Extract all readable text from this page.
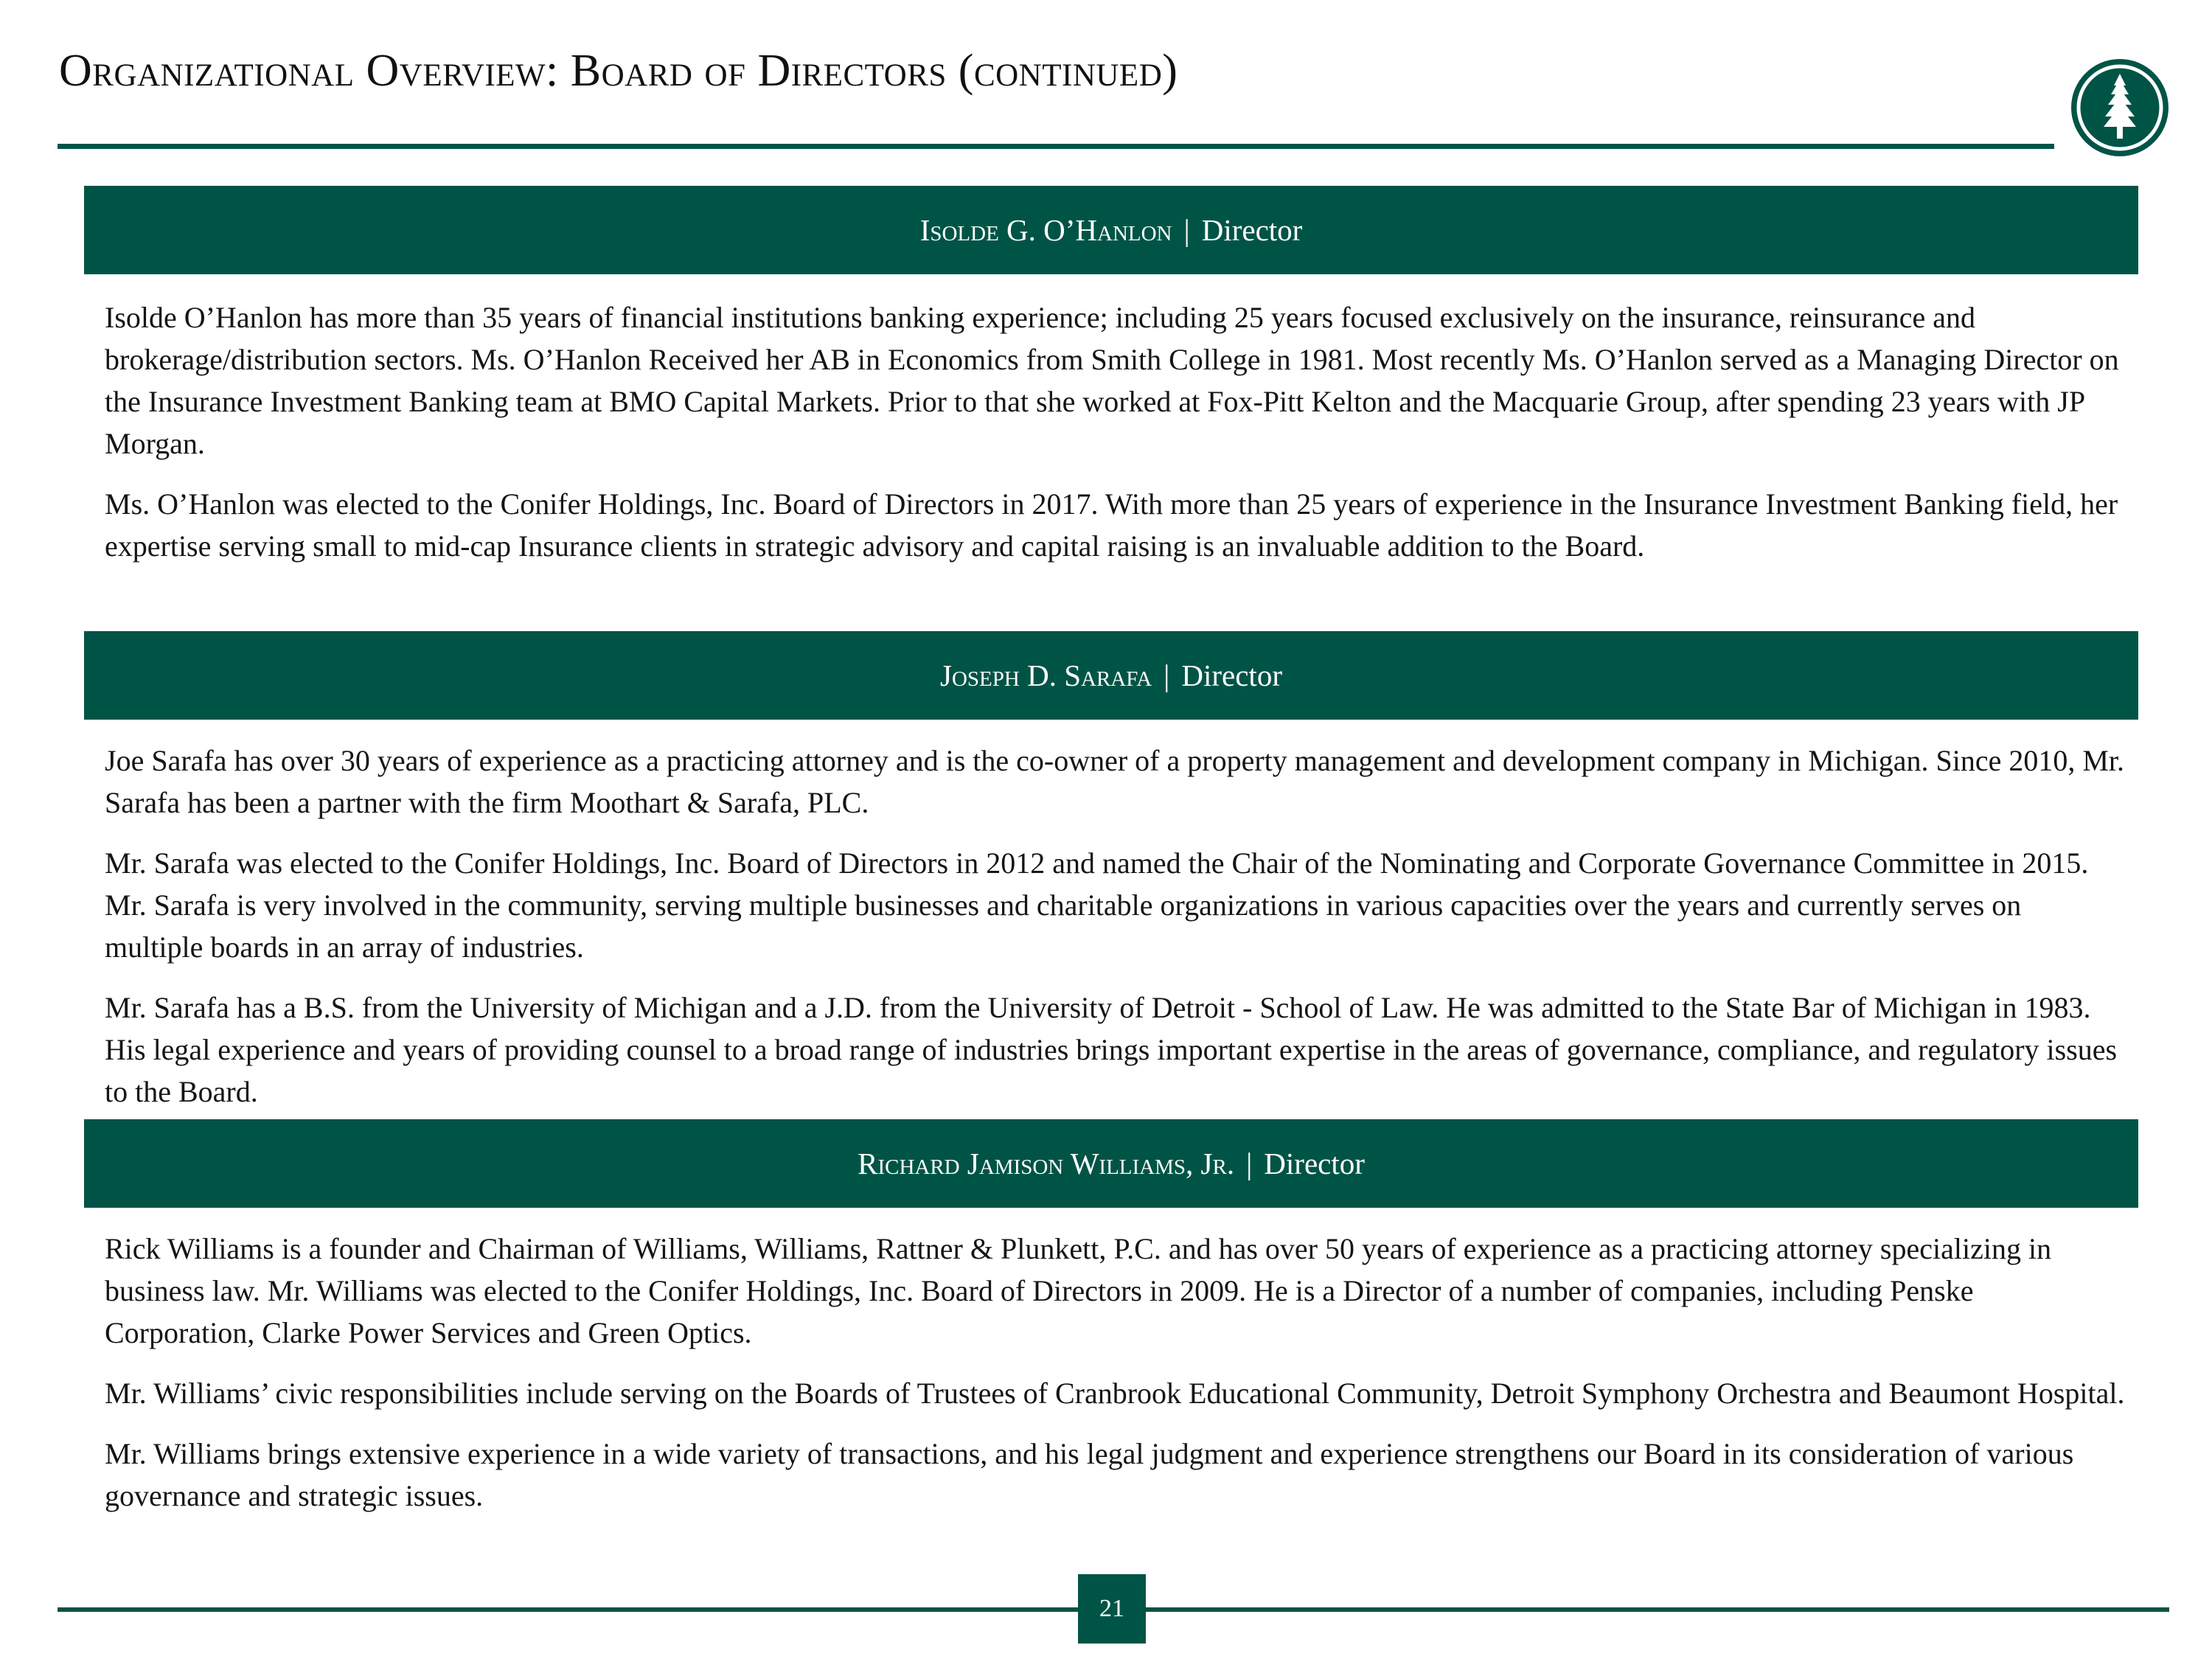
Organizational Overview: Board of Directors (continued)
Isolde G. O’Hanlon | Director

Isolde O’Hanlon has more than 35 years of financial institutions banking experience; including 25 years focused exclusively on the insurance, reinsurance and brokerage/distribution sectors. Ms. O’Hanlon Received her AB in Economics from Smith College in 1981. Most recently Ms. O’Hanlon served as a Managing Director on the Insurance Investment Banking team at BMO Capital Markets. Prior to that she worked at Fox-Pitt Kelton and the Macquarie Group, after spending 23 years with JP Morgan.

Ms. O’Hanlon was elected to the Conifer Holdings, Inc. Board of Directors in 2017. With more than 25 years of experience in the Insurance Investment Banking field, her expertise serving small to mid-cap Insurance clients in strategic advisory and capital raising is an invaluable addition to the Board.

Joseph D. Sarafa | Director

Joe Sarafa has over 30 years of experience as a practicing attorney and is the co-owner of a property management and development company in Michigan. Since 2010, Mr. Sarafa has been a partner with the firm Moothart & Sarafa, PLC.

Mr. Sarafa was elected to the Conifer Holdings, Inc. Board of Directors in 2012 and named the Chair of the Nominating and Corporate Governance Committee in 2015. Mr. Sarafa is very involved in the community, serving multiple businesses and charitable organizations in various capacities over the years and currently serves on multiple boards in an array of industries.

Mr. Sarafa has a B.S. from the University of Michigan and a J.D. from the University of Detroit - School of Law. He was admitted to the State Bar of Michigan in 1983. His legal experience and years of providing counsel to a broad range of industries brings important expertise in the areas of governance, compliance, and regulatory issues to the Board.

Richard Jamison Williams, Jr. | Director

Rick Williams is a founder and Chairman of Williams, Williams, Rattner & Plunkett, P.C. and has over 50 years of experience as a practicing attorney specializing in business law. Mr. Williams was elected to the Conifer Holdings, Inc. Board of Directors in 2009. He is a Director of a number of companies, including Penske Corporation, Clarke Power Services and Green Optics.

Mr. Williams’ civic responsibilities include serving on the Boards of Trustees of Cranbrook Educational Community, Detroit Symphony Orchestra and Beaumont Hospital.

Mr. Williams brings extensive experience in a wide variety of transactions, and his legal judgment and experience strengthens our Board in its consideration of various governance and strategic issues.

21
